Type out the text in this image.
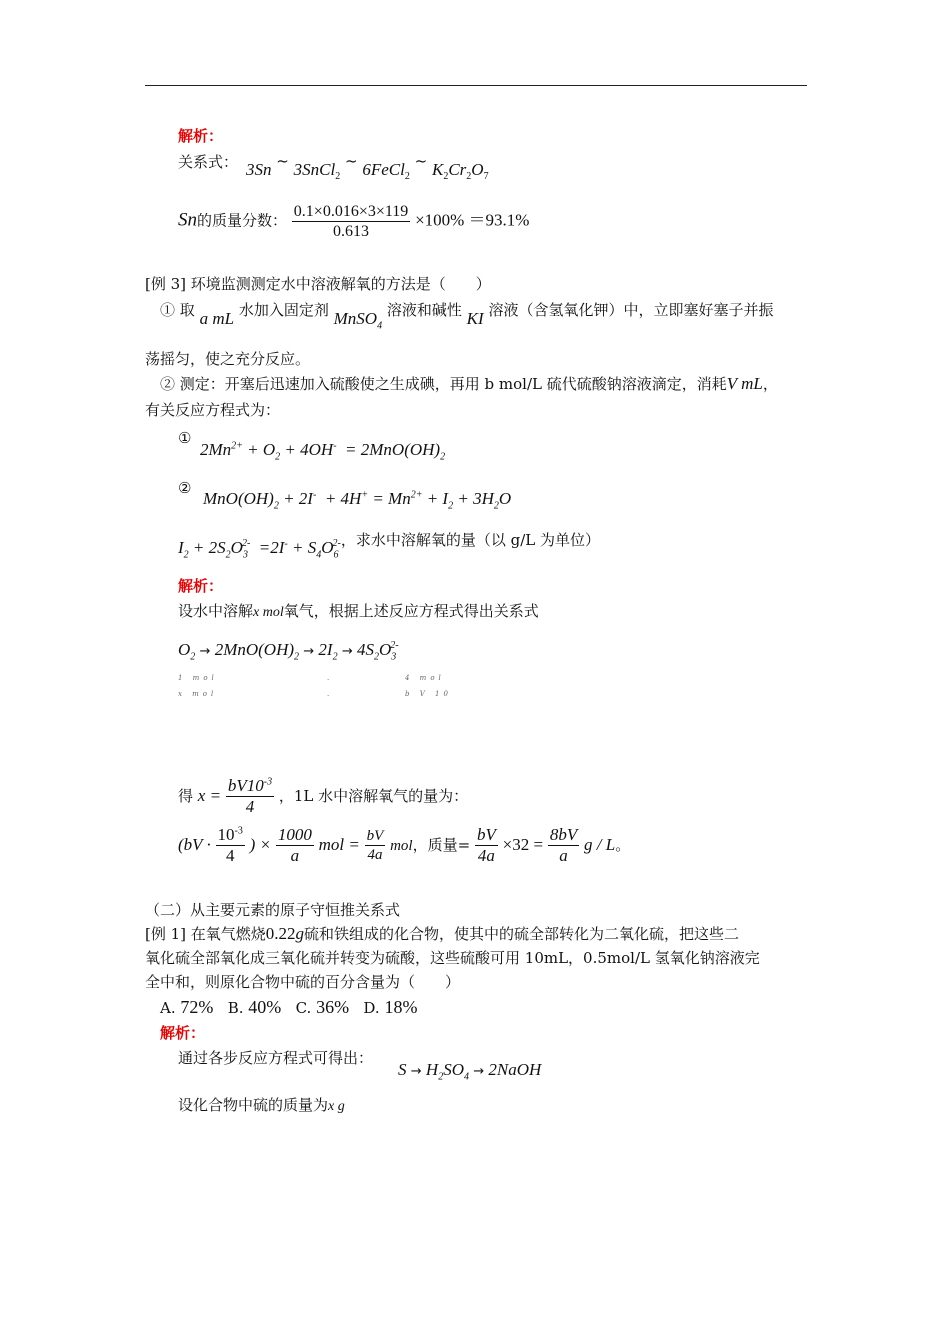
解析：
关系式： 3Sn ~ 3SnCl$_2$ ~ 6FeCl$_2$ ~ $K_2Cr_2O_7$
Sn的质量分数： $\frac{0.1\times 0.016\times 3\times 119}{0.613} \times 100\% =93.1\%$
[例 3] 环境监测测定水中溶液解氧的方法是（　　）
① 取 a mL 水加入固定剂 MnSO$_4$ 溶液和碱性 KI 溶液（含氢氧化钾）中，立即塞好塞子并振
荡摇匀，使之充分反应。
② 测定：开塞后迅速加入硫酸使之生成碘，再用 b mol/L 硫代硫酸钠溶液滴定，消耗V mL，
有关反应方程式为：
①
$2Mn^{2+} + O_2 + 4OH^- = 2MnO(OH)_2$
②
$MnO(OH)_2 + 2I^- + 4H^+ = Mn^{2+} + I_2 + 3H_2O$
$I_2 + 2S_2O_3^{2-} =2I^- + S_4O_6^{2-}$，求水中溶解氧的量（以 g/L 为单位）
解析：
设水中溶解x mol氧气，根据上述反应方程式得出关系式
$O_2 \to 2MnO(OH)_2 \to 2I_2 \to 4S_2O_3^{2-}$
1 mol	.	4 mol
x mol	.	b V 10
得 $x = \frac{bV10^{-3}}{4}$ ，1L 水中溶解氧气的量为：
($bV \cdot \frac{10^{-3}}{4}$ ) × $\frac{1000}{a}$ mol = $\frac{bV}{4a}$ mol，质量= $\frac{bV}{4a} \times 32 = \frac{8bV}{a}$ g / L。
（二）从主要元素的原子守恒推关系式
[例 1] 在氧气燃烧0.22g硫和铁组成的化合物，使其中的硫全部转化为二氧化硫，把这些二
氧化硫全部氧化成三氧化硫并转变为硫酸，这些硫酸可用 10mL，0.5mol/L 氢氧化钠溶液完
全中和，则原化合物中硫的百分含量为（　　）
A. 72% B. 40% C. 36% D. 18%
解析：
通过各步反应方程式可得出：
$S \to H_2SO_4$ → 2NaOH
设化合物中硫的质量为x g
